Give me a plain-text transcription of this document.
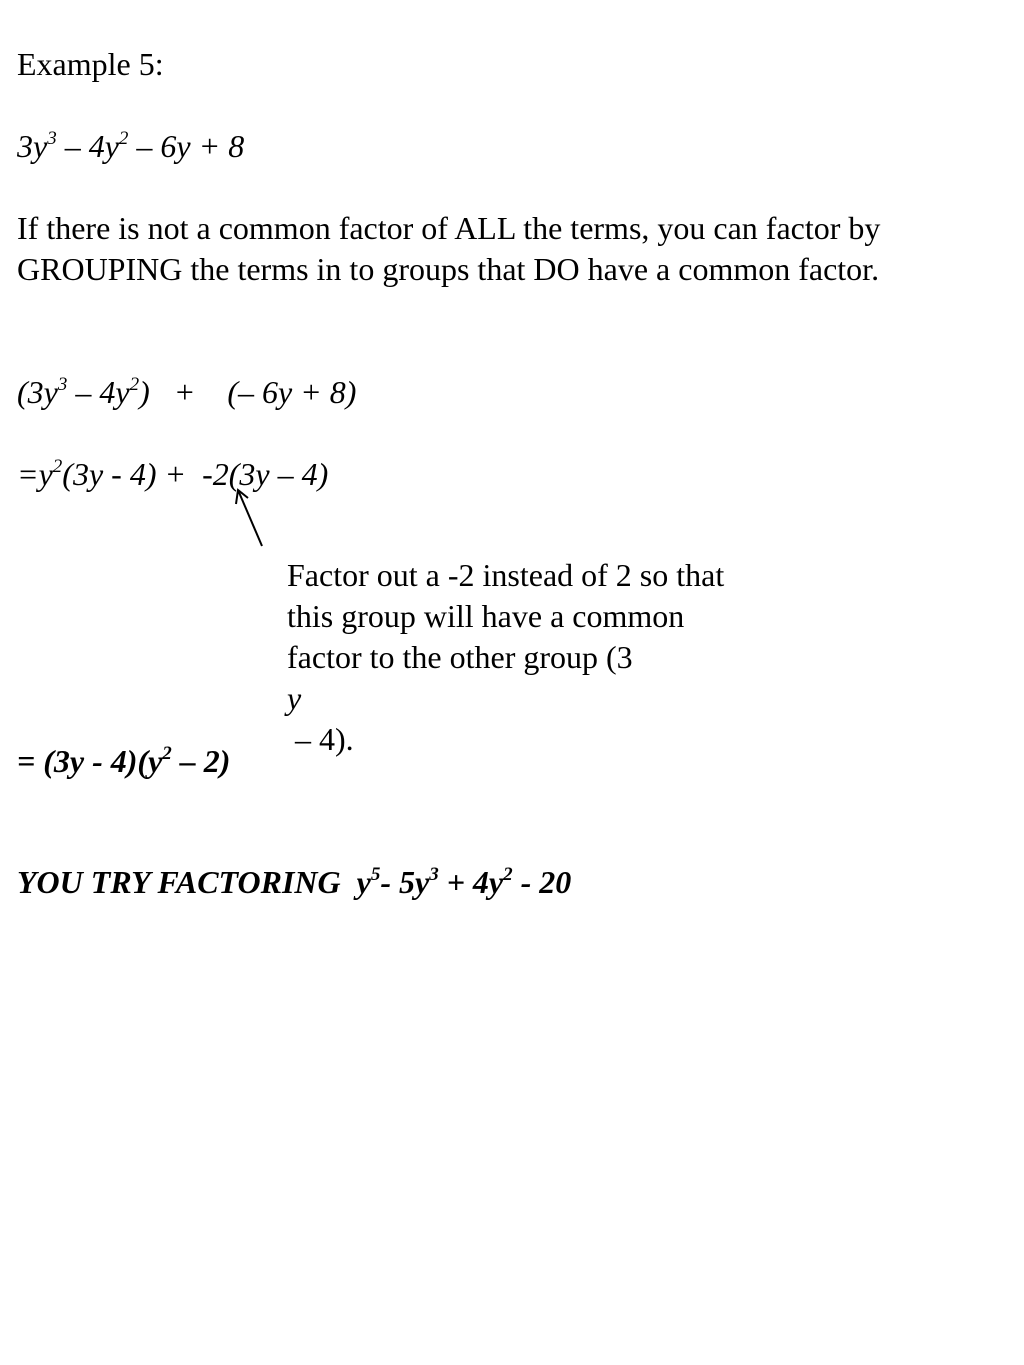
Example 5:

$3y^3 - 4y^2 - 6y + 8$

If there is not a common factor of ALL the terms, you can factor by
GROUPING the terms in to groups that DO have a common factor.

$(3y^3 - 4y^2)$   +    (– 6y + 8)

$=y^2(3y - 4) + -2(3y - 4)$

Factor out a -2 instead of 2 so that
this group will have a common
factor to the other group (3
y
– 4).

= $(3y - 4)(y^2 - 2)$

YOU TRY FACTORING  $y^5-$ $5y^3 + 4y^2 - 20$
